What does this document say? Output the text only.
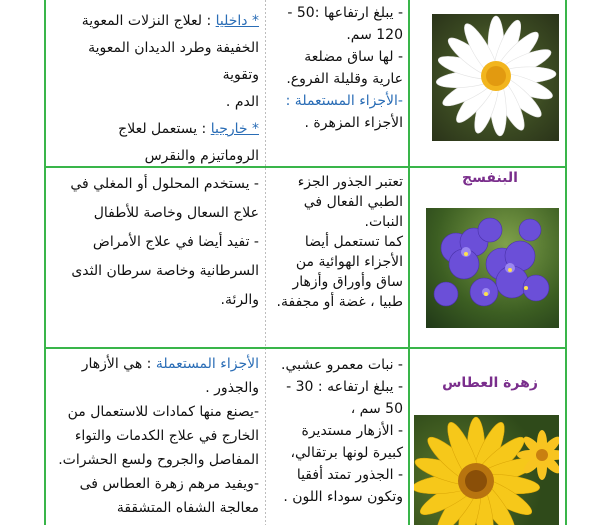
- يبلغ ارتفاعها :50 -
120 سم.
- لها ساق مضلعة
عارية وقليلة الفروع.
-الأجزاء المستعملة :
الأجزاء المزهرة .
* داخليا : لعلاج النزلات المعوية
الخفيفة وطرد الديدان المعوية وتقوية
الدم .
* خارجيا : يستعمل لعلاج
الروماتيزم والنقرس
البنفسج
تعتبر الجذور الجزء
الطبي الفعال في
النبات.
كما تستعمل أيضا
الأجزاء الهوائية من
ساق وأوراق وأزهار
طبيا ، غضة أو مجففة.
- يستخدم المحلول أو المغلي في
علاج السعال وخاصة للأطفال
- تفيد أيضا في علاج الأمراض
السرطانية وخاصة سرطان الثدى
والرئة.
زهرة العطاس
- نبات معمرو عشبي.
- يبلغ ارتفاعه : 30 -
50 سم ،
- الأزهار مستديرة
كبيرة لونها برتقالي،
- الجذور تمتد أفقيا
وتكون سوداء اللون .
الأجزاء المستعملة : هي الأزهار
والجذور .
-يصنع منها كمادات للاستعمال من
الخارج في علاج الكدمات والتواء
المفاصل والجروح ولسع الحشرات.
-ويفيد مرهم زهرة العطاس فى
معالجة الشفاه المتشققة
